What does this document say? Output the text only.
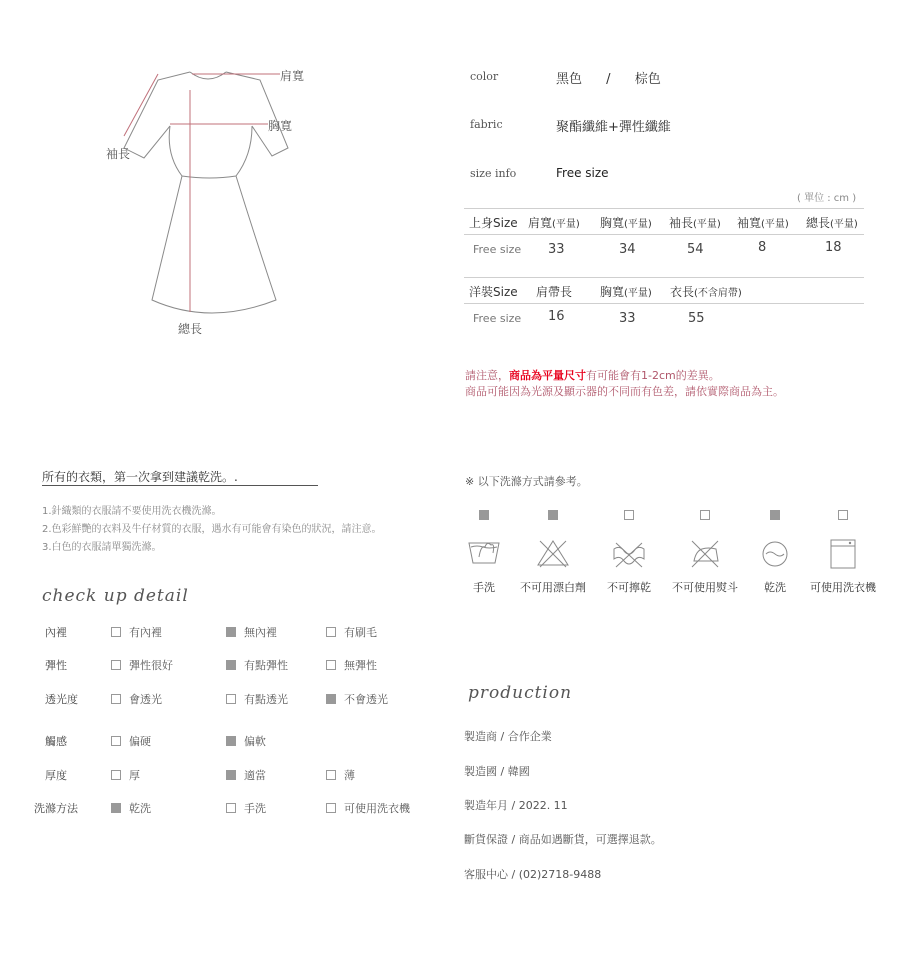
肩寬
胸寬
袖長
總長
color	黑色 / 棕色
fabric	聚酯纖維+彈性纖維
size info	Free size
( 單位 : cm )
上身Size 肩寬(平量) 胸寬(平量) 袖長(平量) 袖寬(平量) 總長(平量)
Free size 33	34	54	8	18
洋裝Size 肩帶長 胸寬(平量) 衣長(不含肩帶)
Free size 16	33	55
請注意，商品為平量尺寸有可能會有1-2cm的差異。
商品可能因為光源及顯示器的不同而有色差，請依實際商品為主。
所有的衣類，第一次拿到建議乾洗。.
1.針織類的衣服請不要使用洗衣機洗滌。
2.色彩鮮艷的衣料及牛仔材質的衣服，遇水有可能會有染色的狀況，請注意。
3.白色的衣服請單獨洗滌。
check up detail
內裡	有內裡	無內裡	有刷毛
彈性	彈性很好	有點彈性	無彈性
透光度	會透光	有點透光	不會透光
觸感	偏硬	偏軟
厚度	厚	適當	薄
洗滌方法	乾洗	手洗	可使用洗衣機
※ 以下洗滌方式請參考。
手洗	不可用漂白劑	不可擰乾	不可使用熨斗	乾洗	可使用洗衣機
production
製造商 / 合作企業
製造國 / 韓國
製造年月 / 2022. 11
斷貨保證 / 商品如遇斷貨，可選擇退款。
客服中心 / (02)2718-9488
